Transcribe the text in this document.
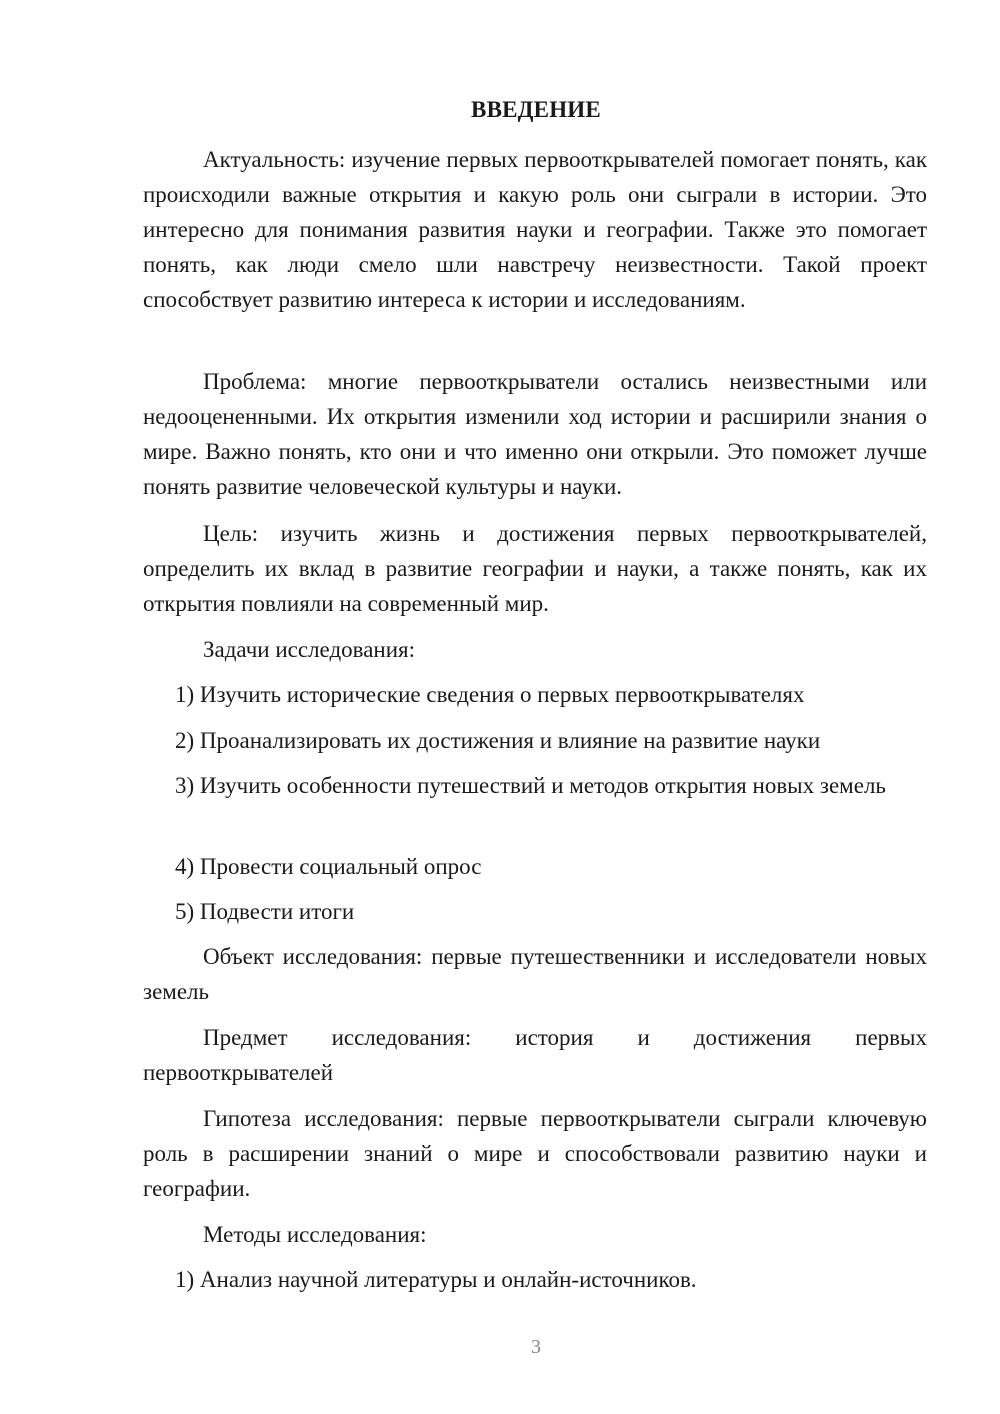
ВВЕДЕНИЕ

Актуальность: изучение первых первооткрывателей помогает понять, как происходили важные открытия и какую роль они сыграли в истории. Это интересно для понимания развития науки и географии. Также это помогает понять, как люди смело шли навстречу неизвестности. Такой проект способствует развитию интереса к истории и исследованиям.

Проблема: многие первооткрыватели остались неизвестными или недооцененными. Их открытия изменили ход истории и расширили знания о мире. Важно понять, кто они и что именно они открыли. Это поможет лучше понять развитие человеческой культуры и науки.

Цель: изучить жизнь и достижения первых первооткрывателей, определить их вклад в развитие географии и науки, а также понять, как их открытия повлияли на современный мир.

Задачи исследования:

1) Изучить исторические сведения о первых первооткрывателях

2) Проанализировать их достижения и влияние на развитие науки

3) Изучить особенности путешествий и методов открытия новых земель

4) Провести социальный опрос

5) Подвести итоги

Объект исследования: первые путешественники и исследователи новых земель

Предмет исследования: история и достижения первых первооткрывателей

Гипотеза исследования: первые первооткрыватели сыграли ключевую роль в расширении знаний о мире и способствовали развитию науки и географии.

Методы исследования:

1) Анализ научной литературы и онлайн-источников.

3
